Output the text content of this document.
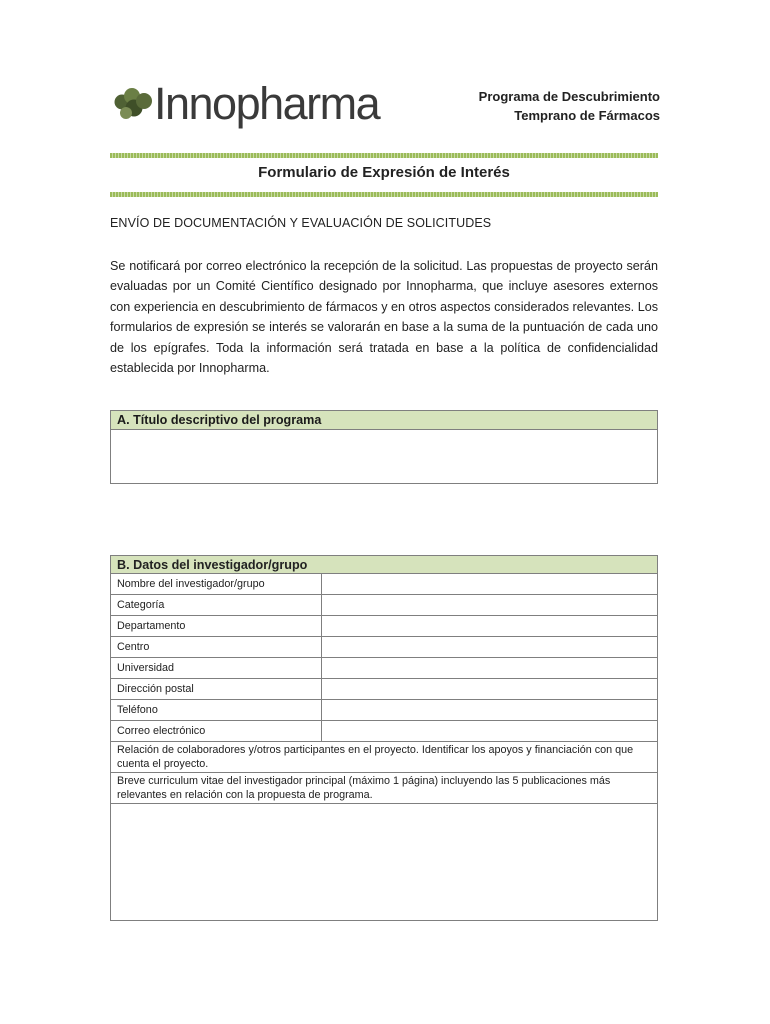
Innopharma	Programa de Descubrimiento
Temprano de Fármacos
Formulario de Expresión de Interés
ENVÍO DE DOCUMENTACIÓN Y EVALUACIÓN DE SOLICITUDES
Se notificará por correo electrónico la recepción de la solicitud. Las propuestas de proyecto serán evaluadas por un Comité Científico designado por Innopharma, que incluye asesores externos con experiencia en descubrimiento de fármacos y en otros aspectos considerados relevantes. Los formularios de expresión se interés se valorarán en base a la suma de la puntuación de cada uno de los epígrafes. Toda la información será tratada en base a la política de confidencialidad establecida por Innopharma.
A. Título descriptivo del programa
B. Datos del investigador/grupo	
Nombre del investigador/grupo	
Categoría	
Departamento	
Centro	
Universidad	
Dirección postal	
Teléfono	
Correo electrónico	
Relación de colaboradores y/otros participantes en el proyecto. Identificar los apoyos y financiación con que cuenta el proyecto.	
Breve curriculum vitae del investigador principal (máximo 1 página) incluyendo las 5 publicaciones más relevantes en relación con la propuesta de programa.	
